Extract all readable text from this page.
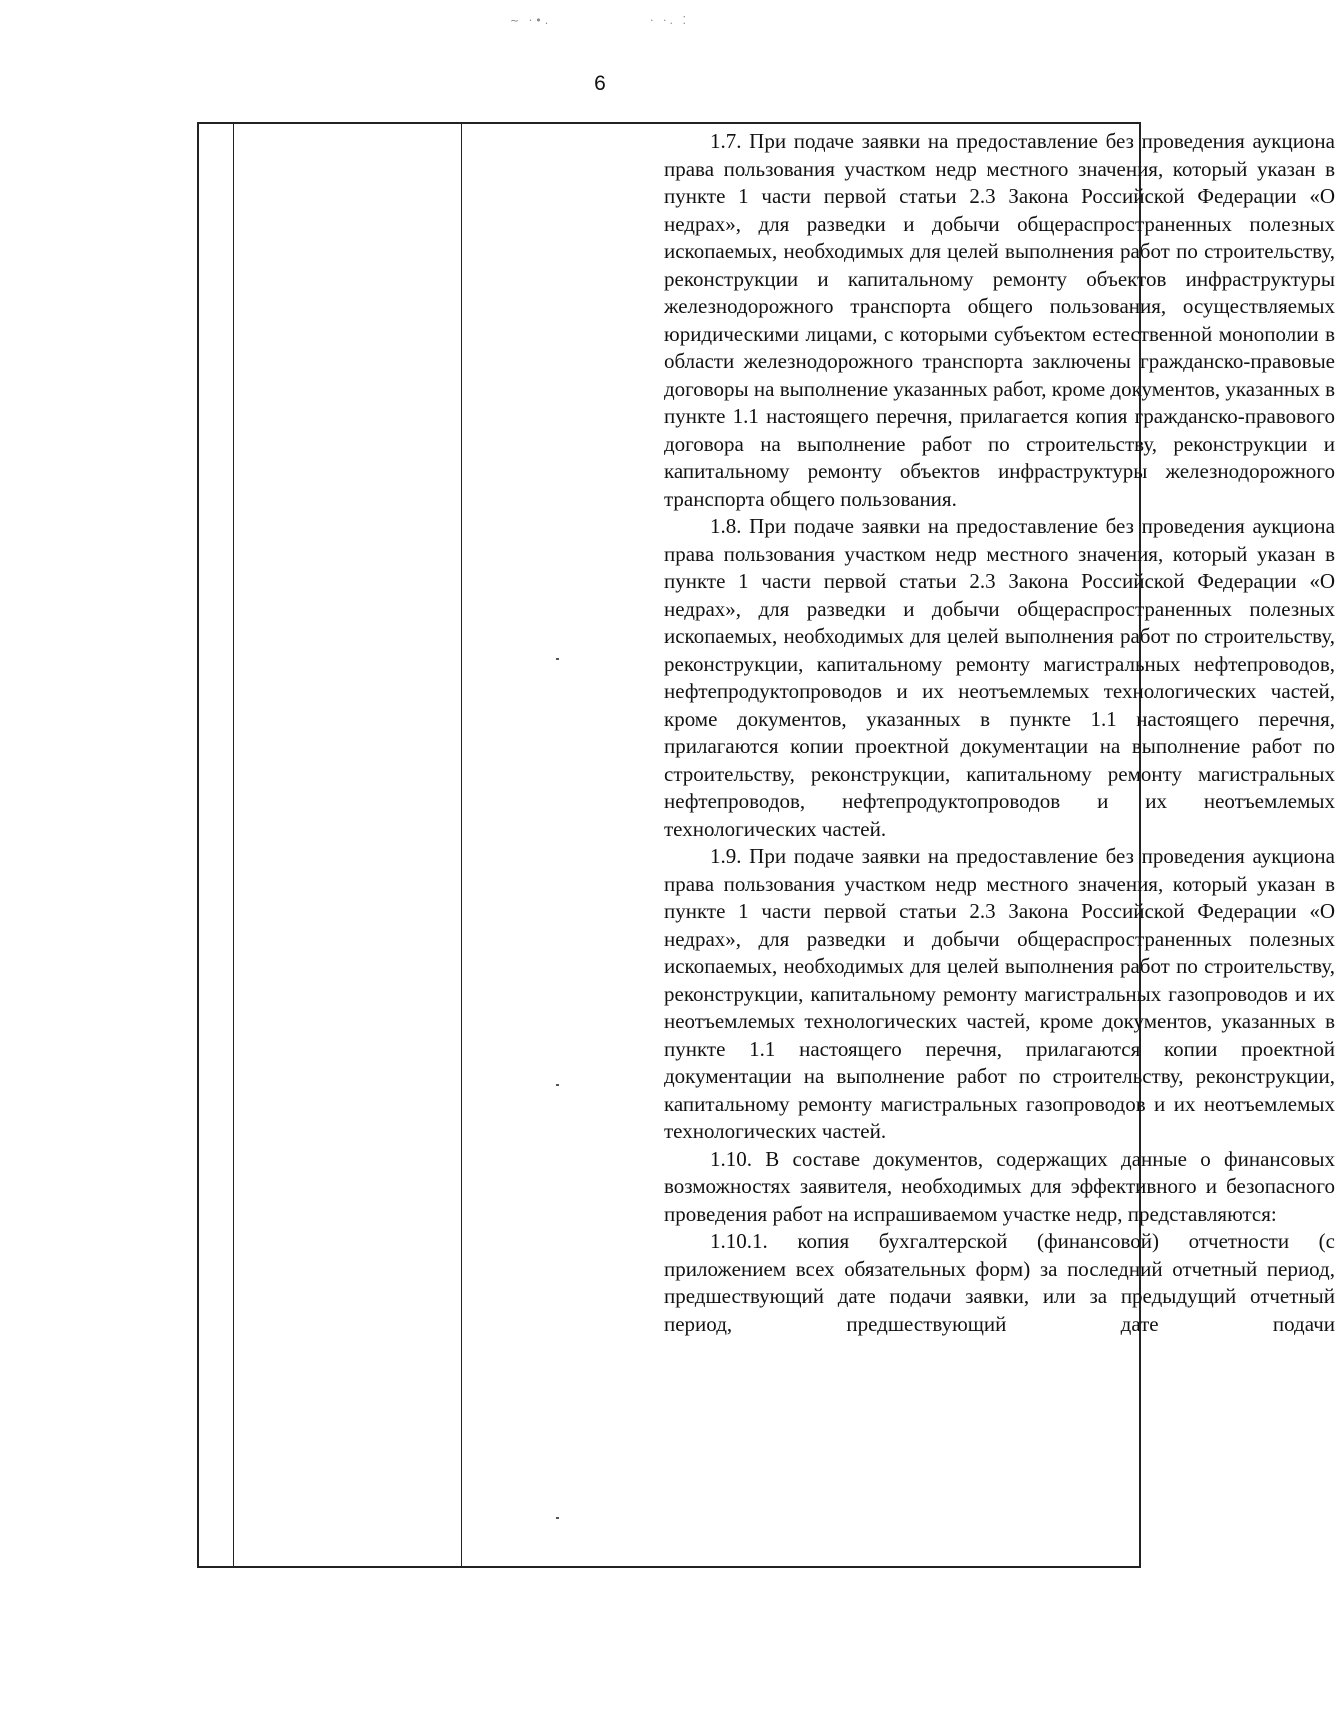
6
~ ·•.	· ·. ⁚

1.7. При подаче заявки на предоставление без проведения аукциона права пользования участком недр местного значения, который указан в пункте 1 части первой статьи 2.3 Закона Российской Федерации «О недрах», для разведки и добычи общераспространенных полезных ископаемых, необходимых для целей выполнения работ по строительству, реконструкции и капитальному ремонту объектов инфраструктуры железнодорожного транспорта общего пользования, осуществляемых юридическими лицами, с которыми субъектом естественной монополии в области железнодорожного транспорта заключены гражданско-правовые договоры на выполнение указанных работ, кроме документов, указанных в пункте 1.1 настоящего перечня, прилагается копия гражданско-правового договора на выполнение работ по строительству, реконструкции и капитальному ремонту объектов инфраструктуры железнодорожного транспорта общего пользования.

1.8. При подаче заявки на предоставление без проведения аукциона права пользования участком недр местного значения, который указан в пункте 1 части первой статьи 2.3 Закона Российской Федерации «О недрах», для разведки и добычи общераспространенных полезных ископаемых, необходимых для целей выполнения работ по строительству, реконструкции, капитальному ремонту магистральных нефтепроводов, нефтепродуктопроводов и их неотъемлемых технологических частей, кроме документов, указанных в пункте 1.1 настоящего перечня, прилагаются копии проектной документации на выполнение работ по строительству, реконструкции, капитальному ремонту магистральных нефтепроводов, нефтепродуктопроводов и их неотъемлемых технологических частей.

1.9. При подаче заявки на предоставление без проведения аукциона права пользования участком недр местного значения, который указан в пункте 1 части первой статьи 2.3 Закона Российской Федерации «О недрах», для разведки и добычи общераспространенных полезных ископаемых, необходимых для целей выполнения работ по строительству, реконструкции, капитальному ремонту магистральных газопроводов и их неотъемлемых технологических частей, кроме документов, указанных в пункте 1.1 настоящего перечня, прилагаются копии проектной документации на выполнение работ по строительству, реконструкции, капитальному ремонту магистральных газопроводов и их неотъемлемых технологических частей.

1.10. В составе документов, содержащих данные о финансовых возможностях заявителя, необходимых для эффективного и безопасного проведения работ на испрашиваемом участке недр, представляются:

1.10.1. копия бухгалтерской (финансовой) отчетности (с приложением всех обязательных форм) за последний отчетный период, предшествующий дате подачи заявки, или за предыдущий отчетный период, предшествующий дате подачи
